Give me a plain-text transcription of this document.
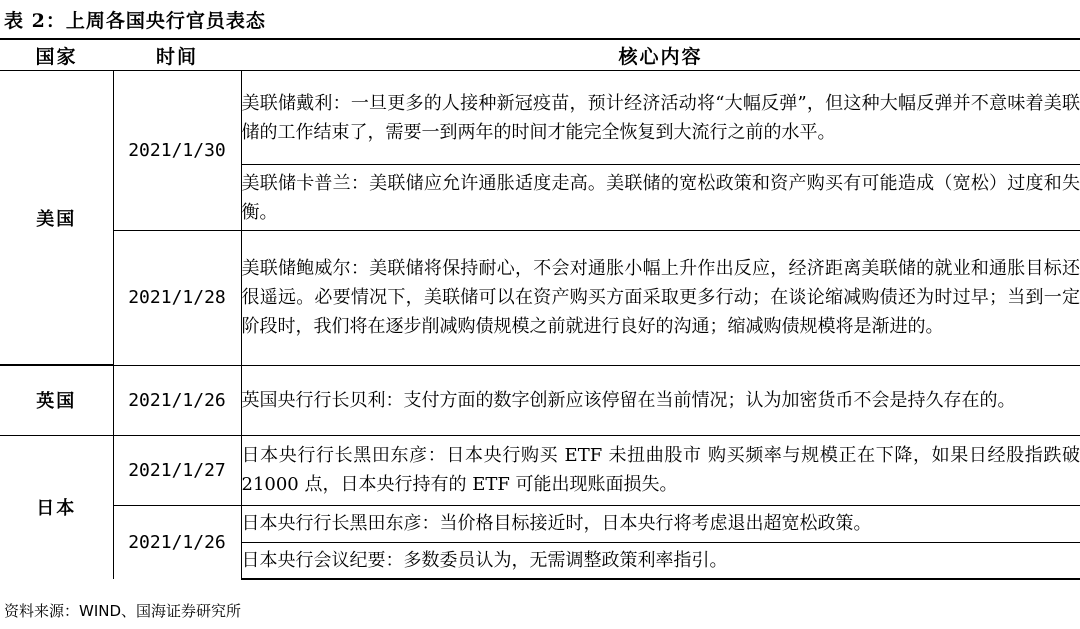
表 2：上周各国央行官员表态
国家	时间	核心内容
美国	2021/1/30	美联储戴利：一旦更多的人接种新冠疫苗，预计经济活动将“大幅反弹”，但这种大幅反弹并不意味着美联储的工作结束了，需要一到两年的时间才能完全恢复到大流行之前的水平。
		美联储卡普兰：美联储应允许通胀适度走高。美联储的宽松政策和资产购买有可能造成（宽松）过度和失衡。
	2021/1/28	美联储鲍威尔：美联储将保持耐心，不会对通胀小幅上升作出反应，经济距离美联储的就业和通胀目标还很遥远。必要情况下，美联储可以在资产购买方面采取更多行动；在谈论缩减购债还为时过早；当到一定阶段时，我们将在逐步削减购债规模之前就进行良好的沟通；缩减购债规模将是渐进的。

英国	2021/1/26	英国央行行长贝利：支付方面的数字创新应该停留在当前情况；认为加密货币不会是持久存在的。
日本	2021/1/27	日本央行行长黑田东彦：日本央行购买 ETF 未扭曲股市 购买频率与规模正在下降，如果日经股指跌破 21000 点，日本央行持有的 ETF 可能出现账面损失。
	2021/1/26	日本央行行长黑田东彦：当价格目标接近时，日本央行将考虑退出超宽松政策。
		日本央行会议纪要：多数委员认为，无需调整政策利率指引。
资料来源：WIND、国海证券研究所
